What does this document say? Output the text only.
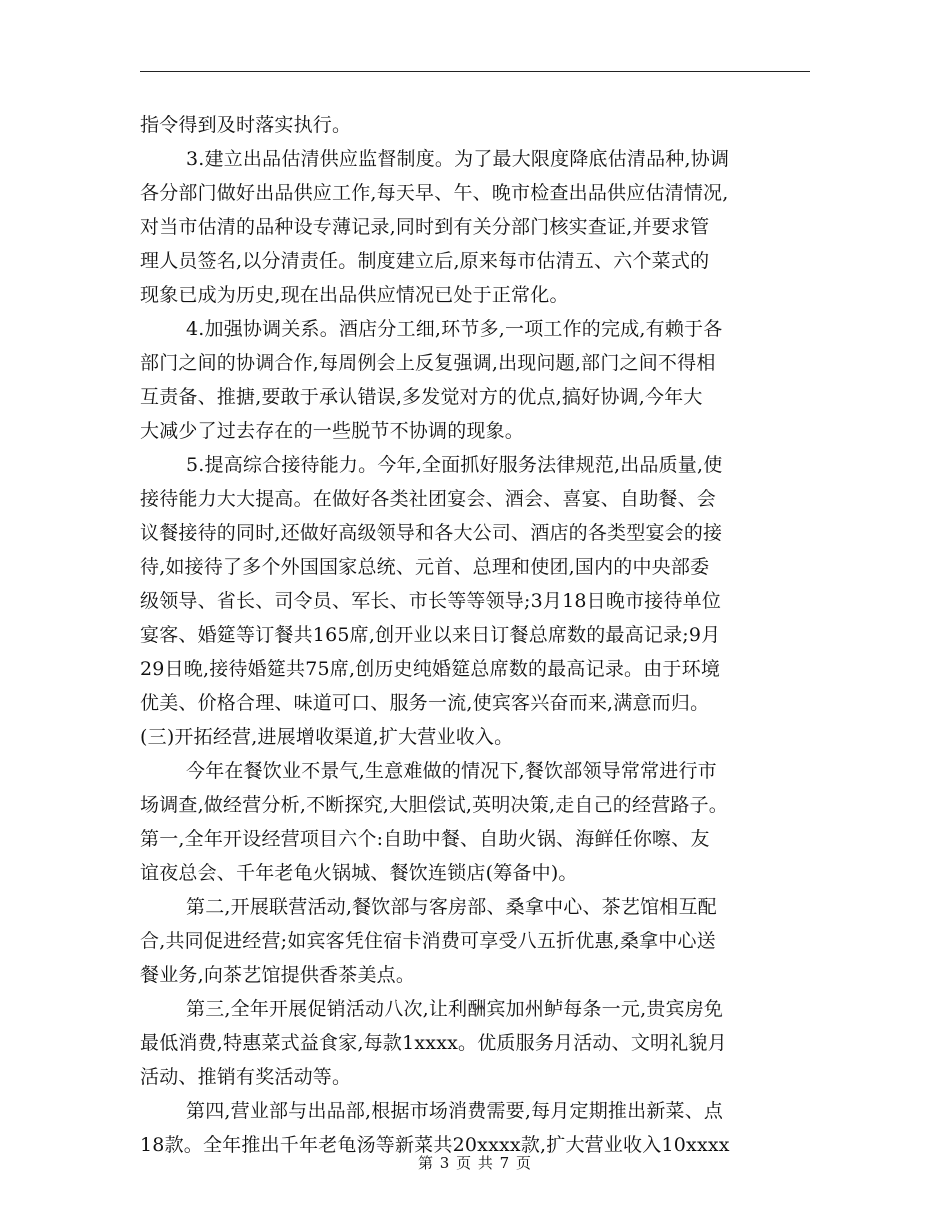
指令得到及时落实执行。
3.建立出品估清供应监督制度。为了最大限度降底估清品种,协调
各分部门做好出品供应工作,每天早、午、晚市检查出品供应估清情况,
对当市估清的品种设专薄记录,同时到有关分部门核实查证,并要求管
理人员签名,以分清责任。制度建立后,原来每市估清五、六个菜式的
现象已成为历史,现在出品供应情况已处于正常化。
4.加强协调关系。酒店分工细,环节多,一项工作的完成,有赖于各
部门之间的协调合作,每周例会上反复强调,出现问题,部门之间不得相
互责备、推搪,要敢于承认错误,多发觉对方的优点,搞好协调,今年大
大减少了过去存在的一些脱节不协调的现象。
5.提高综合接待能力。今年,全面抓好服务法律规范,出品质量,使
接待能力大大提高。在做好各类社团宴会、酒会、喜宴、自助餐、会
议餐接待的同时,还做好高级领导和各大公司、酒店的各类型宴会的接
待,如接待了多个外国国家总统、元首、总理和使团,国内的中央部委
级领导、省长、司令员、军长、市长等等领导;3月18日晚市接待单位
宴客、婚筵等订餐共165席,创开业以来日订餐总席数的最高记录;9月
29日晚,接待婚筵共75席,创历史纯婚筵总席数的最高记录。由于环境
优美、价格合理、味道可口、服务一流,使宾客兴奋而来,满意而归。
(三)开拓经营,进展增收渠道,扩大营业收入。
今年在餐饮业不景气,生意难做的情况下,餐饮部领导常常进行市
场调查,做经营分析,不断探究,大胆偿试,英明决策,走自己的经营路子。
第一,全年开设经营项目六个:自助中餐、自助火锅、海鲜任你嚓、友
谊夜总会、千年老龟火锅城、餐饮连锁店(筹备中)。
第二,开展联营活动,餐饮部与客房部、桑拿中心、茶艺馆相互配
合,共同促进经营;如宾客凭住宿卡消费可享受八五折优惠,桑拿中心送
餐业务,向茶艺馆提供香茶美点。
第三,全年开展促销活动八次,让利酬宾加州鲈每条一元,贵宾房免
最低消费,特惠菜式益食家,每款1xxxx。优质服务月活动、文明礼貌月
活动、推销有奖活动等。
第四,营业部与出品部,根据市场消费需要,每月定期推出新菜、点
18款。全年推出千年老龟汤等新菜共20xxxx款,扩大营业收入10xxxx
第 3 页 共 7 页
